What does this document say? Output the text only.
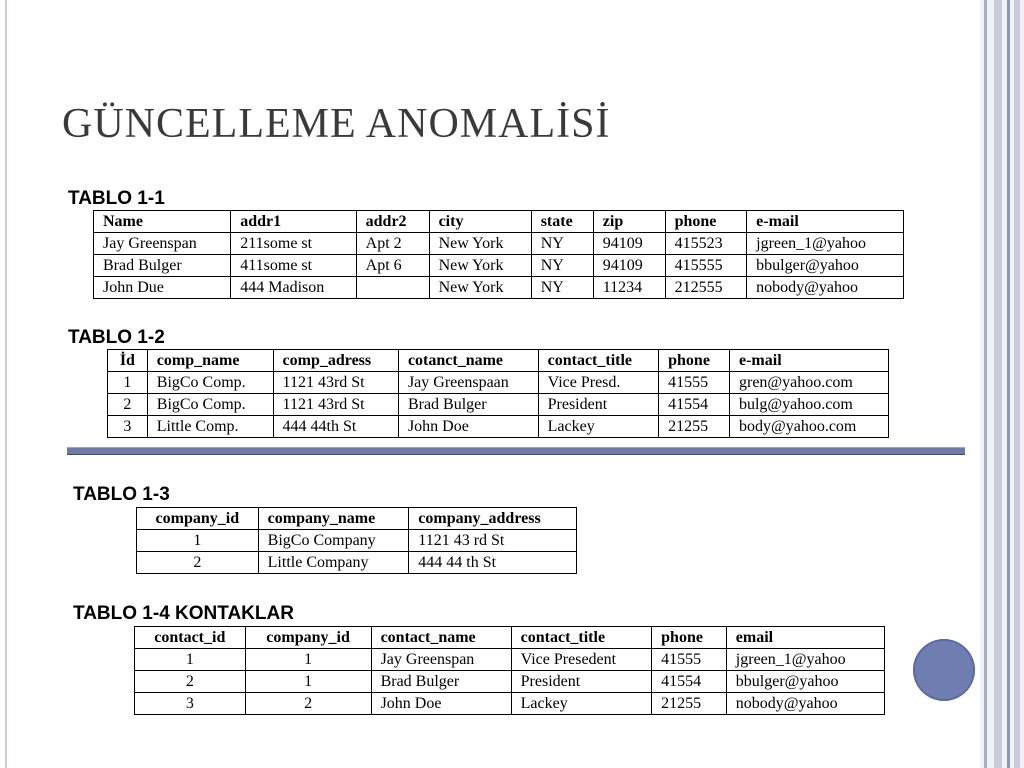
GÜNCELLEME ANOMALİSİ
TABLO 1-1
Name	addr1	addr2	city	state	zip	phone	e-mail
Jay Greenspan	211some st	Apt 2	New York	NY	94109	415523	jgreen_1@yahoo
Brad Bulger	411some st	Apt 6	New York	NY	94109	415555	bbulger@yahoo
John Due	444 Madison		New York	NY	11234	212555	nobody@yahoo
TABLO 1-2
İd	comp_name	comp_adress	cotanct_name	contact_title	phone	e-mail
1	BigCo Comp.	1121 43rd St	Jay Greenspaan	Vice Presd.	41555	gren@yahoo.com
2	BigCo Comp.	1121 43rd St	Brad Bulger	President	41554	bulg@yahoo.com
3	Little Comp.	444 44th St	John Doe	Lackey	21255	body@yahoo.com
TABLO 1-3
company_id	company_name	company_address
1	BigCo Company	1121 43 rd St
2	Little Company	444 44 th St
TABLO 1-4 KONTAKLAR
contact_id	company_id	contact_name	contact_title	phone	email
1	1	Jay Greenspan	Vice Presedent	41555	jgreen_1@yahoo
2	1	Brad Bulger	President	41554	bbulger@yahoo
3	2	John Doe	Lackey	21255	nobody@yahoo
